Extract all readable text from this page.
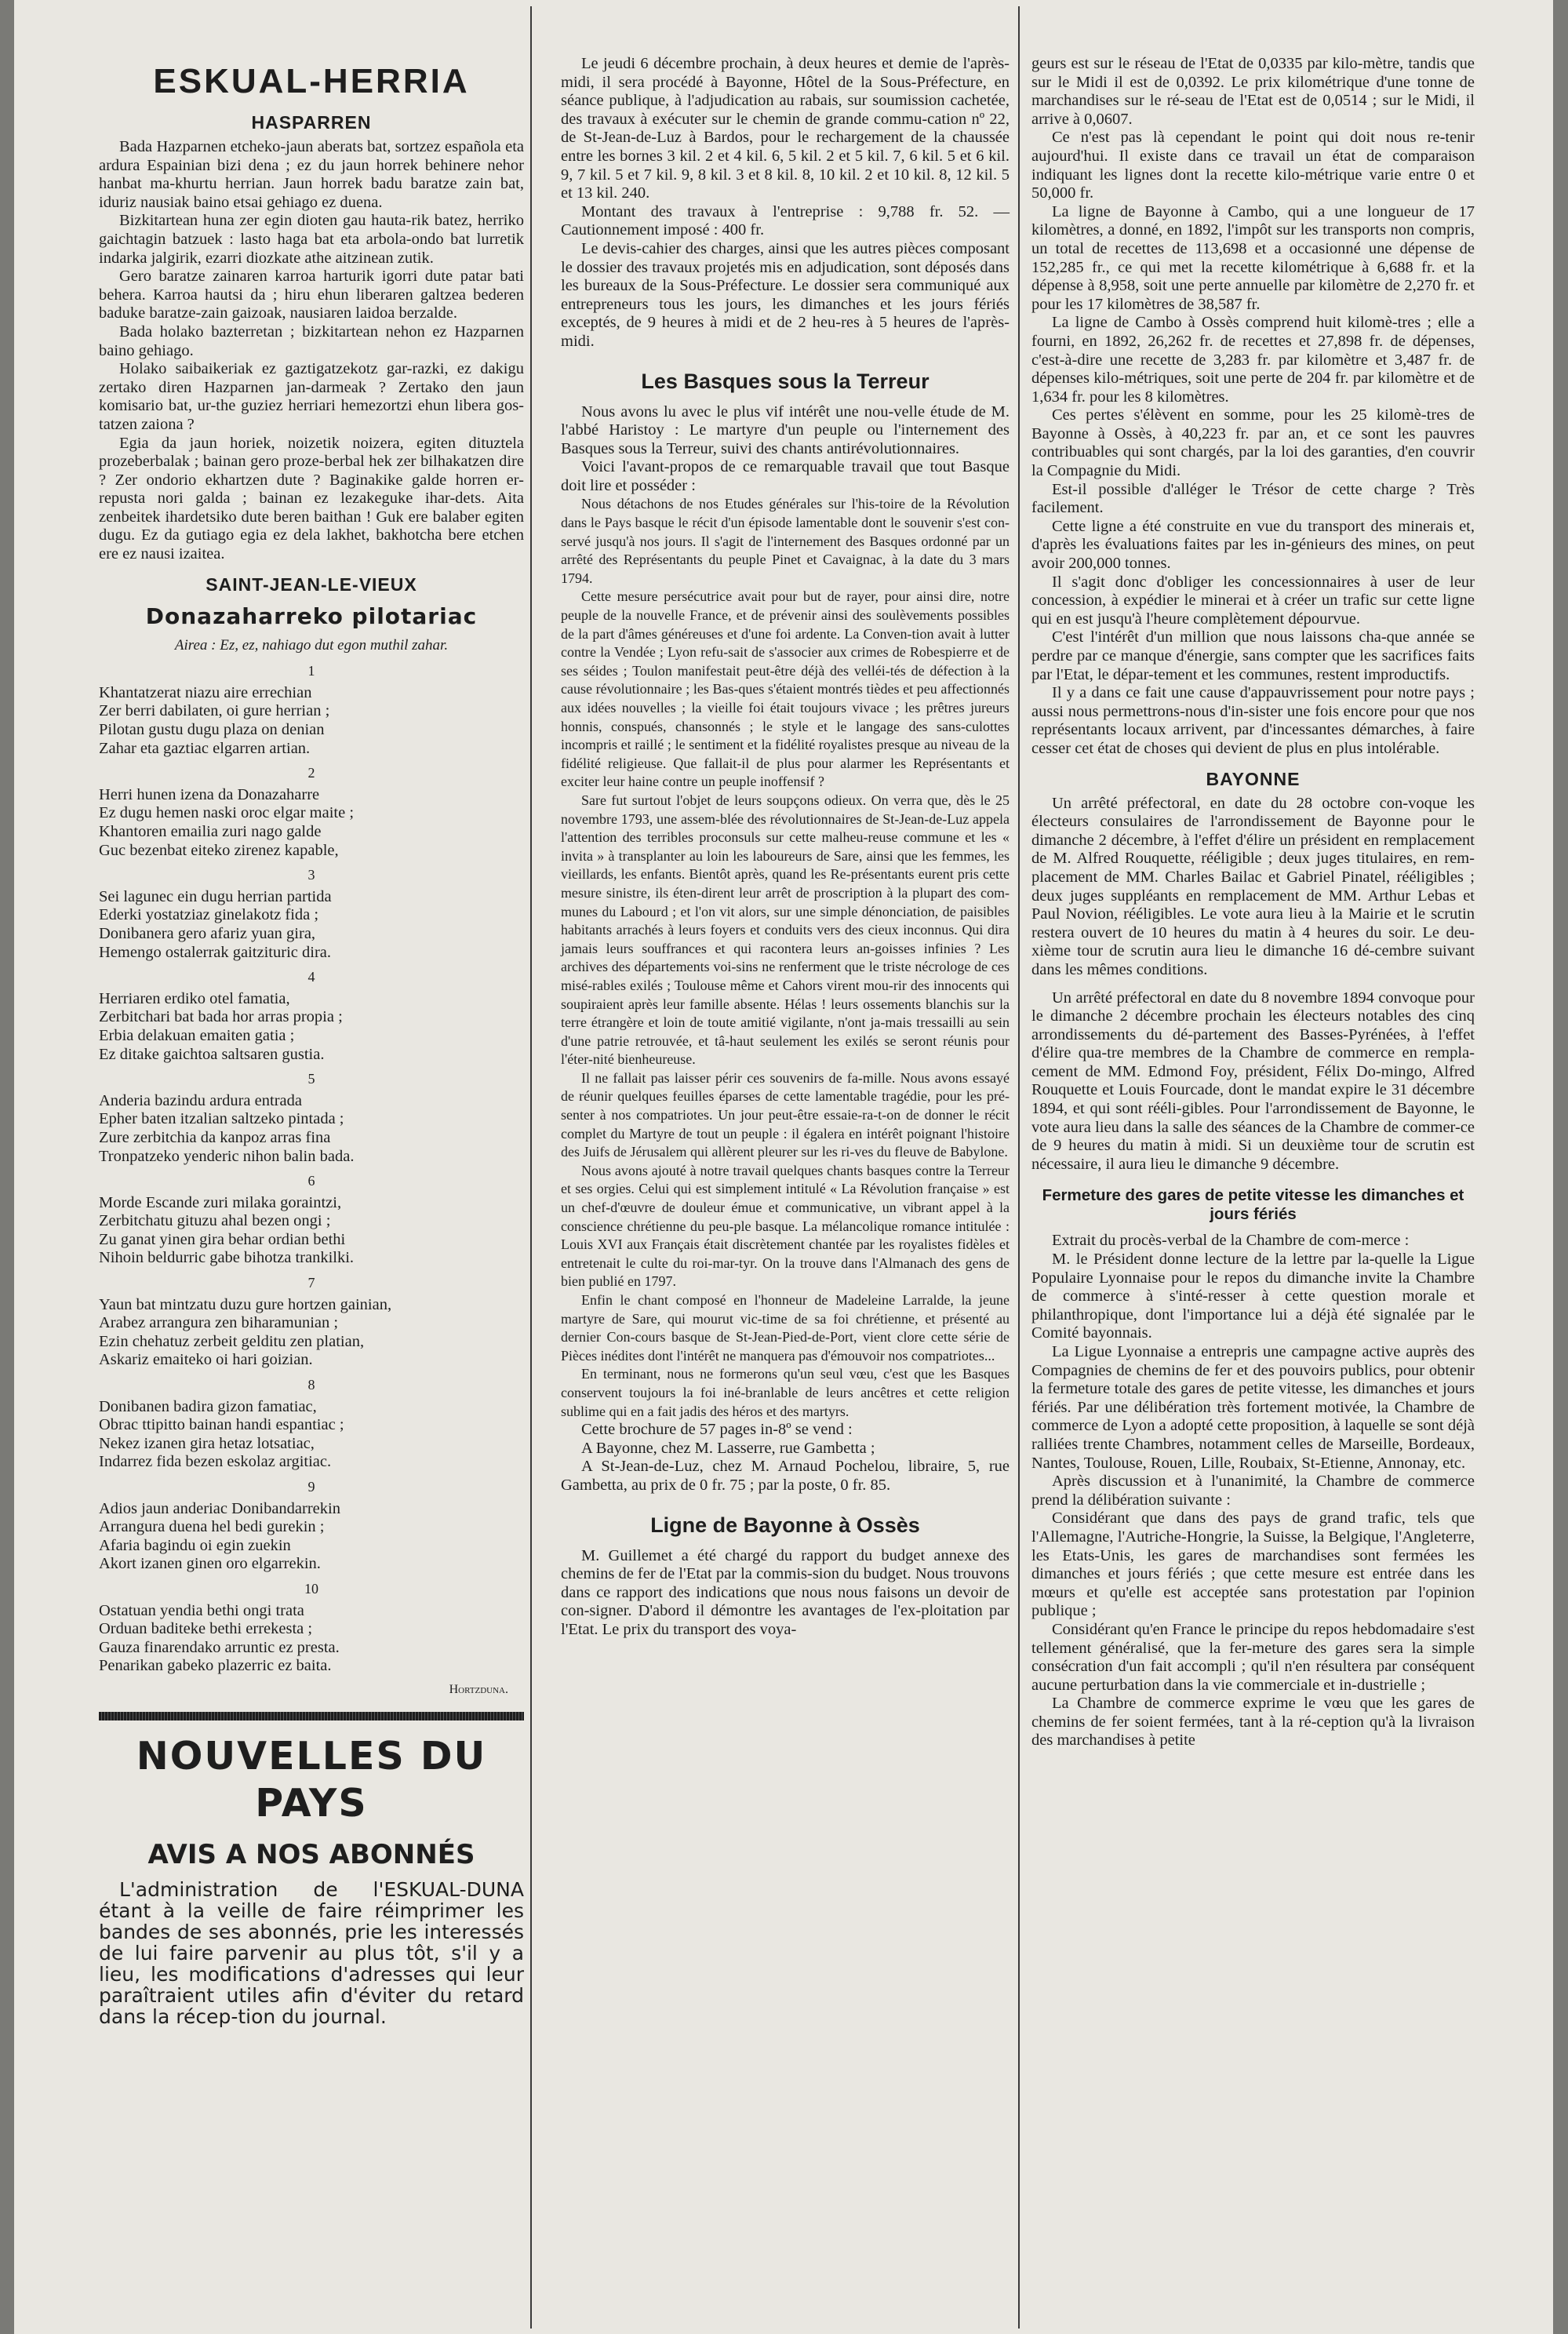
ESKUAL-HERRIA
HASPARREN

Bada Hazparnen etcheko-jaun aberats bat, sortzez española eta ardura Espainian bizi dena ; ez du jaun horrek behinere nehor hanbat ma-khurtu herrian. Jaun horrek badu baratze zain bat, iduriz nausiak baino etsai gehiago ez duena.

Bizkitartean huna zer egin dioten gau hauta-rik batez, herriko gaichtagin batzuek : lasto haga bat eta arbola-ondo bat lurretik indarka jalgirik, ezarri diozkate athe aitzinean zutik.

Gero baratze zainaren karroa harturik igorri dute patar bati behera. Karroa hautsi da ; hiru ehun liberaren galtzea bederen baduke baratze-zain gaizoak, nausiaren laidoa berzalde.

Bada holako bazterretan ; bizkitartean nehon ez Hazparnen baino gehiago.

Holako saibaikeriak ez gaztigatzekotz gar-razki, ez dakigu zertako diren Hazparnen jan-darmeak ? Zertako den jaun komisario bat, ur-the guziez herriari hemezortzi ehun libera gos-tatzen zaiona ?

Egia da jaun horiek, noizetik noizera, egiten dituztela prozeberbalak ; bainan gero proze-berbal hek zer bilhakatzen dire ? Zer ondorio ekhartzen dute ? Baginakike galde horren er-repusta nori galda ; bainan ez lezakeguke ihar-dets. Aita zenbeitek ihardetsiko dute beren baithan ! Guk ere balaber egiten dugu. Ez da gutiago egia ez dela lakhet, bakhotcha bere etchen ere ez nausi izaitea.

SAINT-JEAN-LE-VIEUX
Donazaharreko pilotariac
Airea : Ez, ez, nahiago dut egon muthil zahar.
1
Khantatzerat niazu aire errechian
Zer berri dabilaten, oi gure herrian ;
Pilotan gustu dugu plaza on denian
Zahar eta gaztiac elgarren artian.
2
Herri hunen izena da Donazaharre
Ez dugu hemen naski oroc elgar maite ;
Khantoren emailia zuri nago galde
Guc bezenbat eiteko zirenez kapable,
3
Sei lagunec ein dugu herrian partida
Ederki yostatziaz ginelakotz fida ;
Donibanera gero afariz yuan gira,
Hemengo ostalerrak gaitzituric dira.
4
Herriaren erdiko otel famatia,
Zerbitchari bat bada hor arras propia ;
Erbia delakuan emaiten gatia ;
Ez ditake gaichtoa saltsaren gustia.
5
Anderia bazindu ardura entrada
Epher baten itzalian saltzeko pintada ;
Zure zerbitchia da kanpoz arras fina
Tronpatzeko yenderic nihon balin bada.
6
Morde Escande zuri milaka goraintzi,
Zerbitchatu gituzu ahal bezen ongi ;
Zu ganat yinen gira behar ordian bethi
Nihoin beldurric gabe bihotza trankilki.
7
Yaun bat mintzatu duzu gure hortzen gainian,
Arabez arrangura zen biharamunian ;
Ezin chehatuz zerbeit gelditu zen platian,
Askariz emaiteko oi hari goizian.
8
Donibanen badira gizon famatiac,
Obrac ttipitto bainan handi espantiac ;
Nekez izanen gira hetaz lotsatiac,
Indarrez fida bezen eskolaz argitiac.
9
Adios jaun anderiac Donibandarrekin
Arrangura duena hel bedi gurekin ;
Afaria bagindu oi egin zuekin
Akort izanen ginen oro elgarrekin.
10
Ostatuan yendia bethi ongi trata
Orduan baditeke bethi errekesta ;
Gauza finarendako arruntic ez presta.
Penarikan gabeko plazerric ez baita.
Hortzduna.
NOUVELLES DU PAYS
AVIS A NOS ABONNÉS

L'administration de l'ESKUAL-DUNA étant à la veille de faire réimprimer les bandes de ses abonnés, prie les interessés de lui faire parvenir au plus tôt, s'il y a lieu, les modifications d'adresses qui leur paraîtraient utiles afin d'éviter du retard dans la récep-tion du journal.

Le jeudi 6 décembre prochain, à deux heures et demie de l'après-midi, il sera procédé à Bayonne, Hôtel de la Sous-Préfecture, en séance publique, à l'adjudication au rabais, sur soumission cachetée, des travaux à exécuter sur le chemin de grande commu-cation nº 22, de St-Jean-de-Luz à Bardos, pour le rechargement de la chaussée entre les bornes 3 kil. 2 et 4 kil. 6, 5 kil. 2 et 5 kil. 7, 6 kil. 5 et 6 kil. 9, 7 kil. 5 et 7 kil. 9, 8 kil. 3 et 8 kil. 8, 10 kil. 2 et 10 kil. 8, 12 kil. 5 et 13 kil. 240.

Montant des travaux à l'entreprise : 9,788 fr. 52. — Cautionnement imposé : 400 fr.

Le devis-cahier des charges, ainsi que les autres pièces composant le dossier des travaux projetés mis en adjudication, sont déposés dans les bureaux de la Sous-Préfecture. Le dossier sera communiqué aux entrepreneurs tous les jours, les dimanches et les jours fériés exceptés, de 9 heures à midi et de 2 heu-res à 5 heures de l'après-midi.

Les Basques sous la Terreur

Nous avons lu avec le plus vif intérêt une nou-velle étude de M. l'abbé Haristoy : Le martyre d'un peuple ou l'internement des Basques sous la Terreur, suivi des chants antirévolutionnaires.

Voici l'avant-propos de ce remarquable travail que tout Basque doit lire et posséder :

Nous détachons de nos Etudes générales sur l'his-toire de la Révolution dans le Pays basque le récit d'un épisode lamentable dont le souvenir s'est con-servé jusqu'à nos jours. Il s'agit de l'internement des Basques ordonné par un arrêté des Représentants du peuple Pinet et Cavaignac, à la date du 3 mars 1794.

Cette mesure persécutrice avait pour but de rayer, pour ainsi dire, notre peuple de la nouvelle France, et de prévenir ainsi des soulèvements possibles de la part d'âmes généreuses et d'une foi ardente. La Conven-tion avait à lutter contre la Vendée ; Lyon refu-sait de s'associer aux crimes de Robespierre et de ses séides ; Toulon manifestait peut-être déjà des velléi-tés de défection à la cause révolutionnaire ; les Bas-ques s'étaient montrés tièdes et peu affectionnés aux idées nouvelles ; la vieille foi était toujours vivace ; les prêtres jureurs honnis, conspués, chansonnés ; le style et le langage des sans-culottes incompris et raillé ; le sentiment et la fidélité royalistes presque au niveau de la fidélité religieuse. Que fallait-il de plus pour alarmer les Représentants et exciter leur haine contre un peuple inoffensif ?

Sare fut surtout l'objet de leurs soupçons odieux. On verra que, dès le 25 novembre 1793, une assem-blée des révolutionnaires de St-Jean-de-Luz appela l'attention des terribles proconsuls sur cette malheu-reuse commune et les « invita » à transplanter au loin les laboureurs de Sare, ainsi que les femmes, les vieillards, les enfants. Bientôt après, quand les Re-présentants eurent pris cette mesure sinistre, ils éten-dirent leur arrêt de proscription à la plupart des com-munes du Labourd ; et l'on vit alors, sur une simple dénonciation, de paisibles habitants arrachés à leurs foyers et conduits vers des cieux inconnus. Qui dira jamais leurs souffrances et qui racontera leurs an-goisses infinies ? Les archives des départements voi-sins ne renferment que le triste nécrologe de ces misé-rables exilés ; Toulouse même et Cahors virent mou-rir des innocents qui soupiraient après leur famille absente. Hélas ! leurs ossements blanchis sur la terre étrangère et loin de toute amitié vigilante, n'ont ja-mais tressailli au sein d'une patrie retrouvée, et tâ-haut seulement les exilés se seront réunis pour l'éter-nité bienheureuse.

Il ne fallait pas laisser périr ces souvenirs de fa-mille. Nous avons essayé de réunir quelques feuilles éparses de cette lamentable tragédie, pour les pré-senter à nos compatriotes. Un jour peut-être essaie-ra-t-on de donner le récit complet du Martyre de tout un peuple : il égalera en intérêt poignant l'histoire des Juifs de Jérusalem qui allèrent pleurer sur les ri-ves du fleuve de Babylone.

Nous avons ajouté à notre travail quelques chants basques contre la Terreur et ses orgies. Celui qui est simplement intitulé « La Révolution française » est un chef-d'œuvre de douleur émue et communicative, un vibrant appel à la conscience chrétienne du peu-ple basque. La mélancolique romance intitulée : Louis XVI aux Français était discrètement chantée par les royalistes fidèles et entretenait le culte du roi-mar-tyr. On la trouve dans l'Almanach des gens de bien publié en 1797.

Enfin le chant composé en l'honneur de Madeleine Larralde, la jeune martyre de Sare, qui mourut vic-time de sa foi chrétienne, et présenté au dernier Con-cours basque de St-Jean-Pied-de-Port, vient clore cette série de Pièces inédites dont l'intérêt ne manquera pas d'émouvoir nos compatriotes...

En terminant, nous ne formerons qu'un seul vœu, c'est que les Basques conservent toujours la foi iné-branlable de leurs ancêtres et cette religion sublime qui en a fait jadis des héros et des martyrs.

Cette brochure de 57 pages in-8º se vend :

A Bayonne, chez M. Lasserre, rue Gambetta ;

A St-Jean-de-Luz, chez M. Arnaud Pochelou, libraire, 5, rue Gambetta, au prix de 0 fr. 75 ; par la poste, 0 fr. 85.

Ligne de Bayonne à Ossès

M. Guillemet a été chargé du rapport du budget annexe des chemins de fer de l'Etat par la commis-sion du budget. Nous trouvons dans ce rapport des indications que nous nous faisons un devoir de con-signer. D'abord il démontre les avantages de l'ex-ploitation par l'Etat. Le prix du transport des voya-

geurs est sur le réseau de l'Etat de 0,0335 par kilo-mètre, tandis que sur le Midi il est de 0,0392. Le prix kilométrique d'une tonne de marchandises sur le ré-seau de l'Etat est de 0,0514 ; sur le Midi, il arrive à 0,0607.

Ce n'est pas là cependant le point qui doit nous re-tenir aujourd'hui. Il existe dans ce travail un état de comparaison indiquant les lignes dont la recette kilo-métrique varie entre 0 et 50,000 fr.

La ligne de Bayonne à Cambo, qui a une longueur de 17 kilomètres, a donné, en 1892, l'impôt sur les transports non compris, un total de recettes de 113,698 et a occasionné une dépense de 152,285 fr., ce qui met la recette kilométrique à 6,688 fr. et la dépense à 8,958, soit une perte annuelle par kilomètre de 2,270 fr. et pour les 17 kilomètres de 38,587 fr.

La ligne de Cambo à Ossès comprend huit kilomè-tres ; elle a fourni, en 1892, 26,262 fr. de recettes et 27,898 fr. de dépenses, c'est-à-dire une recette de 3,283 fr. par kilomètre et 3,487 fr. de dépenses kilo-métriques, soit une perte de 204 fr. par kilomètre et de 1,634 fr. pour les 8 kilomètres.

Ces pertes s'élèvent en somme, pour les 25 kilomè-tres de Bayonne à Ossès, à 40,223 fr. par an, et ce sont les pauvres contribuables qui sont chargés, par la loi des garanties, d'en couvrir la Compagnie du Midi.

Est-il possible d'alléger le Trésor de cette charge ? Très facilement.

Cette ligne a été construite en vue du transport des minerais et, d'après les évaluations faites par les in-génieurs des mines, on peut avoir 200,000 tonnes.

Il s'agit donc d'obliger les concessionnaires à user de leur concession, à expédier le minerai et à créer un trafic sur cette ligne qui en est jusqu'à l'heure complètement dépourvue.

C'est l'intérêt d'un million que nous laissons cha-que année se perdre par ce manque d'énergie, sans compter que les sacrifices faits par l'Etat, le dépar-tement et les communes, restent improductifs.

Il y a dans ce fait une cause d'appauvrissement pour notre pays ; aussi nous permettrons-nous d'in-sister une fois encore pour que nos représentants locaux arrivent, par d'incessantes démarches, à faire cesser cet état de choses qui devient de plus en plus intolérable.

BAYONNE

Un arrêté préfectoral, en date du 28 octobre con-voque les électeurs consulaires de l'arrondissement de Bayonne pour le dimanche 2 décembre, à l'effet d'élire un président en remplacement de M. Alfred Rouquette, rééligible ; deux juges titulaires, en rem-placement de MM. Charles Bailac et Gabriel Pinatel, rééligibles ; deux juges suppléants en remplacement de MM. Arthur Lebas et Paul Novion, rééligibles. Le vote aura lieu à la Mairie et le scrutin restera ouvert de 10 heures du matin à 4 heures du soir. Le deu-xième tour de scrutin aura lieu le dimanche 16 dé-cembre suivant dans les mêmes conditions.

Un arrêté préfectoral en date du 8 novembre 1894 convoque pour le dimanche 2 décembre prochain les électeurs notables des cinq arrondissements du dé-partement des Basses-Pyrénées, à l'effet d'élire qua-tre membres de la Chambre de commerce en rempla-cement de MM. Edmond Foy, président, Félix Do-mingo, Alfred Rouquette et Louis Fourcade, dont le mandat expire le 31 décembre 1894, et qui sont rééli-gibles. Pour l'arrondissement de Bayonne, le vote aura lieu dans la salle des séances de la Chambre de commer-ce de 9 heures du matin à midi. Si un deuxième tour de scrutin est nécessaire, il aura lieu le dimanche 9 décembre.

Fermeture des gares de petite vitesse les dimanches et jours fériés

Extrait du procès-verbal de la Chambre de com-merce :

M. le Président donne lecture de la lettre par la-quelle la Ligue Populaire Lyonnaise pour le repos du dimanche invite la Chambre de commerce à s'inté-resser à cette question morale et philanthropique, dont l'importance lui a déjà été signalée par le Comité bayonnais.

La Ligue Lyonnaise a entrepris une campagne active auprès des Compagnies de chemins de fer et des pouvoirs publics, pour obtenir la fermeture totale des gares de petite vitesse, les dimanches et jours fériés. Par une délibération très fortement motivée, la Chambre de commerce de Lyon a adopté cette proposition, à laquelle se sont déjà ralliées trente Chambres, notamment celles de Marseille, Bordeaux, Nantes, Toulouse, Rouen, Lille, Roubaix, St-Etienne, Annonay, etc.

Après discussion et à l'unanimité, la Chambre de commerce prend la délibération suivante :

Considérant que dans des pays de grand trafic, tels que l'Allemagne, l'Autriche-Hongrie, la Suisse, la Belgique, l'Angleterre, les Etats-Unis, les gares de marchandises sont fermées les dimanches et jours fériés ; que cette mesure est entrée dans les mœurs et qu'elle est acceptée sans protestation par l'opinion publique ;

Considérant qu'en France le principe du repos hebdomadaire s'est tellement généralisé, que la fer-meture des gares sera la simple consécration d'un fait accompli ; qu'il n'en résultera par conséquent aucune perturbation dans la vie commerciale et in-dustrielle ;

La Chambre de commerce exprime le vœu que les gares de chemins de fer soient fermées, tant à la ré-ception qu'à la livraison des marchandises à petite
